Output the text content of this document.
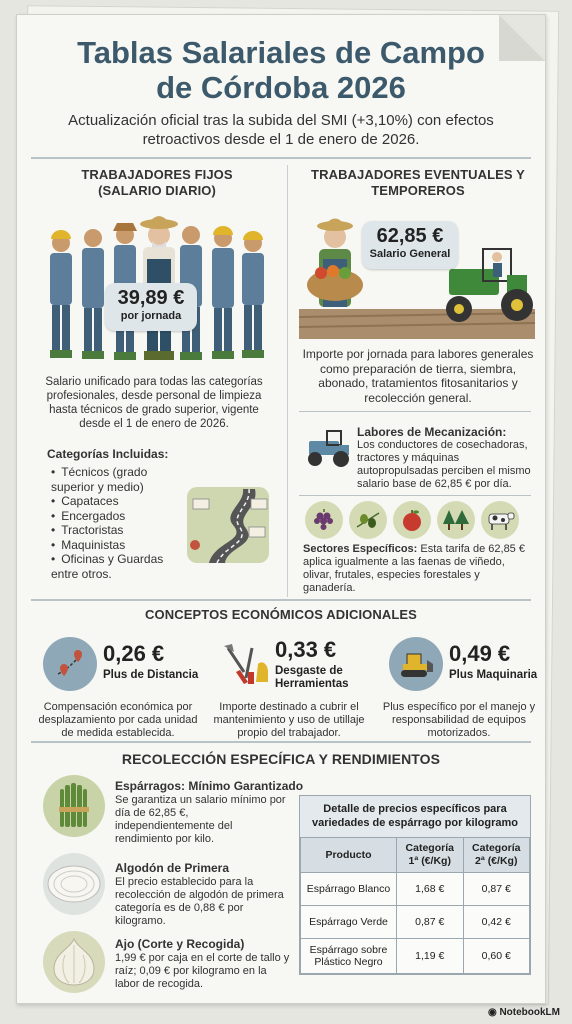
Tablas Salariales de Campo de Córdoba 2026
Actualización oficial tras la subida del SMI (+3,10%) con efectos retroactivos desde el 1 de enero de 2026.
TRABAJADORES FIJOS (SALARIO DIARIO)
39,89 €
por jornada
Salario unificado para todas las categorías profesionales, desde personal de limpieza hasta técnicos de grado superior, vigente desde el 1 de enero de 2026.
Categorías Incluidas:
• Técnicos (grado superior y medio)
• Capataces
• Encergados
• Tractoristas
• Maquinistas
• Oficinas y Guardas entre otros.
TRABAJADORES EVENTUALES Y TEMPOREROS
62,85 €
Salario General
Importe por jornada para labores generales como preparación de tierra, siembra, abonado, tratamientos fitosanitarios y recolección general.
Labores de Mecanización:
Los conductores de cosechadoras, tractores y máquinas autopropulsadas perciben el mismo salario base de 62,85 € por día.
Sectores Específicos: Esta tarifa de 62,85 € aplica igualmente a las faenas de viñedo, olivar, frutales, especies forestales y ganadería.
CONCEPTOS ECONÓMICOS ADICIONALES
0,26 €
Plus de Distancia
Compensación económica por desplazamiento por cada unidad de medida establecida.
0,33 €
Desgaste de Herramientas
Importe destinado a cubrir el mantenimiento y uso de utillaje propio del trabajador.
0,49 €
Plus Maquinaria
Plus específico por el manejo y responsabilidad de equipos motorizados.
RECOLECCIÓN ESPECÍFICA Y RENDIMIENTOS
Espárragos: Mínimo Garantizado
Se garantiza un salario mínimo por día de 62,85 €, independientemente del rendimiento por kilo.
Algodón de Primera
El precio establecido para la recolección de algodón de primera categoría es de 0,88 € por kilogramo.
Ajo (Corte y Recogida)
1,99 € por caja en el corte de tallo y raíz; 0,09 € por kilogramo en la labor de recogida.
Detalle de precios específicos para variedades de espárrago por kilogramo
Producto	Categoría 1ª (€/Kg)	Categoría 2ª (€/Kg)
Espárrago Blanco	1,68 €	0,87 €
Espárrago Verde	0,87 €	0,42 €
Espárrago sobre Plástico Negro	1,19 €	0,60 €
◉ NotebookLM
